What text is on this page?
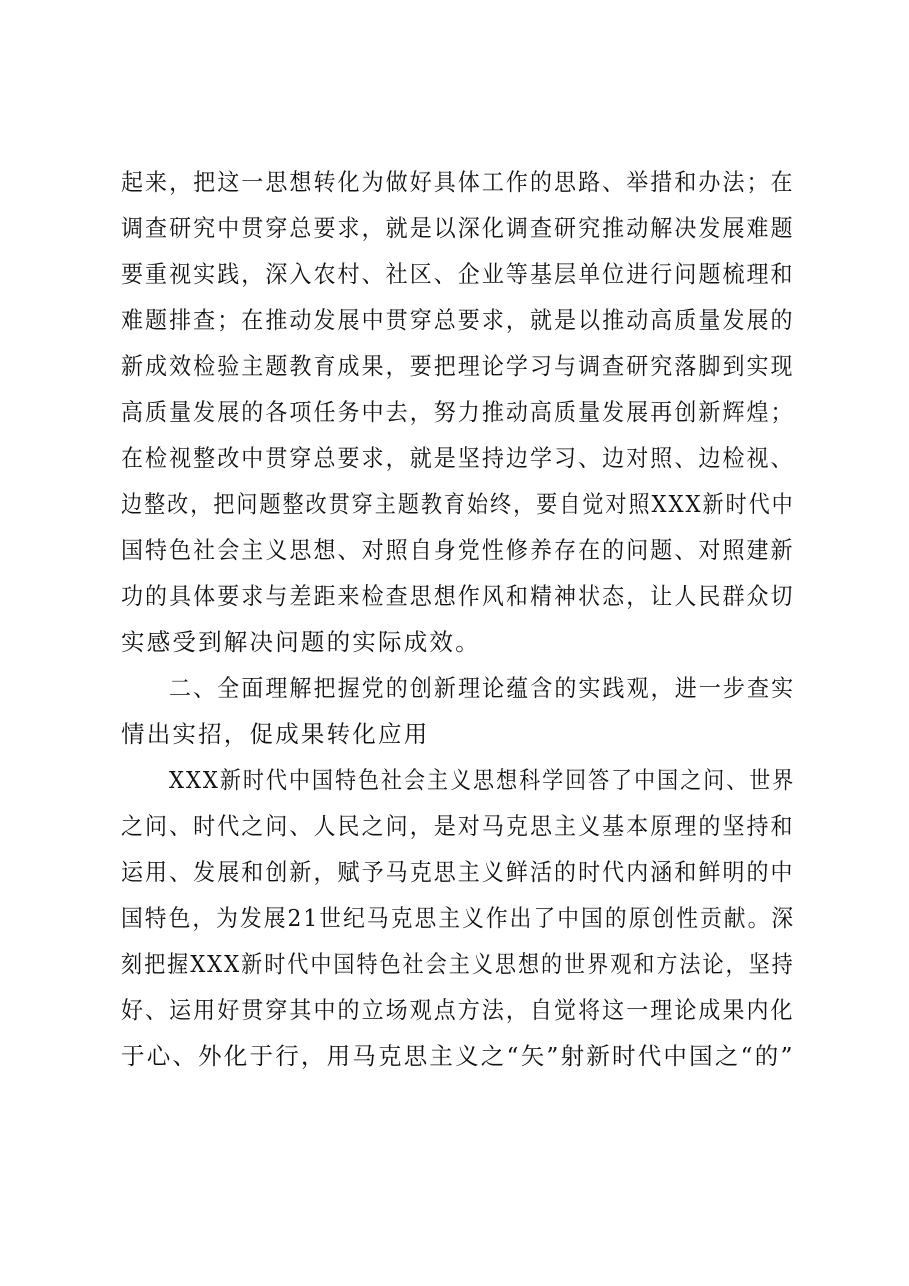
起来，把这一思想转化为做好具体工作的思路、举措和办法；在
调查研究中贯穿总要求，就是以深化调查研究推动解决发展难题
要重视实践，深入农村、社区、企业等基层单位进行问题梳理和
难题排查；在推动发展中贯穿总要求，就是以推动高质量发展的
新成效检验主题教育成果，要把理论学习与调查研究落脚到实现
高质量发展的各项任务中去，努力推动高质量发展再创新辉煌；
在检视整改中贯穿总要求，就是坚持边学习、边对照、边检视、
边整改，把问题整改贯穿主题教育始终，要自觉对照XXX新时代中
国特色社会主义思想、对照自身党性修养存在的问题、对照建新
功的具体要求与差距来检查思想作风和精神状态，让人民群众切
实感受到解决问题的实际成效。
二、全面理解把握党的创新理论蕴含的实践观，进一步查实
情出实招，促成果转化应用
XXX新时代中国特色社会主义思想科学回答了中国之问、世界
之问、时代之问、人民之问，是对马克思主义基本原理的坚持和
运用、发展和创新，赋予马克思主义鲜活的时代内涵和鲜明的中
国特色，为发展21世纪马克思主义作出了中国的原创性贡献。深
刻把握XXX新时代中国特色社会主义思想的世界观和方法论，坚持
好、运用好贯穿其中的立场观点方法，自觉将这一理论成果内化
于心、外化于行，用马克思主义之“矢”射新时代中国之“的”
